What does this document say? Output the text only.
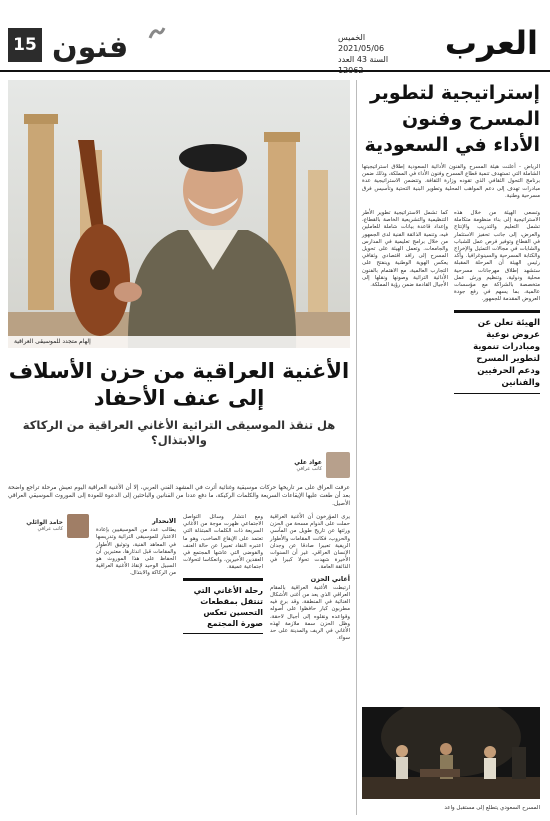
15 فنون	الخميس 2021/05/06
السنة 43 العدد 12062
العرب
إستراتيجية لتطوير المسرح وفنون الأداء في السعودية

الرياض - أعلنت هيئة المسرح والفنون الأدائية السعودية إطلاق استراتيجيتها الشاملة التي تستهدف تنمية قطاع المسرح وفنون الأداء في المملكة، وذلك ضمن برنامج التحول الثقافي الذي تقوده وزارة الثقافة. وتتضمن الاستراتيجية عدة مبادرات تهدف إلى دعم المواهب المحلية وتطوير البنية التحتية وتأسيس فرق مسرحية وطنية.

وتسعى الهيئة من خلال هذه الاستراتيجية إلى بناء منظومة متكاملة تشمل التعليم والتدريب والإنتاج والعرض، إلى جانب تحفيز الاستثمار في القطاع وتوفير فرص عمل للشباب والشابات في مجالات التمثيل والإخراج والكتابة المسرحية والسينوغرافيا. وأكد رئيس الهيئة أن المرحلة المقبلة ستشهد إطلاق مهرجانات مسرحية محلية ودولية، وتنظيم ورش عمل متخصصة بالشراكة مع مؤسسات عالمية، بما يسهم في رفع جودة العروض المقدمة للجمهور.

الهيئة تعلن عن عروض نوعية ومبادرات تنموية لتطوير المسرح ودعم الحرفيين والفنانين

كما تشمل الاستراتيجية تطوير الأطر التنظيمية والتشريعية الخاصة بالقطاع، وإعداد قاعدة بيانات شاملة للعاملين فيه، وتنمية الذائقة الفنية لدى الجمهور من خلال برامج تعليمية في المدارس والجامعات. وتعمل الهيئة على تحويل المسرح إلى رافد اقتصادي وثقافي يعكس الهوية الوطنية وينفتح على التجارب العالمية، مع الاهتمام بالفنون الأدائية التراثية وصونها ونقلها إلى الأجيال القادمة ضمن رؤية المملكة.

المسرح السعودي يتطلع إلى مستقبل واعد
إلهام متجدد للموسيقى العراقية
الأغنية العراقية من حزن الأسلاف إلى عنف الأحفاد
هل تنقذ الموسيقى التراثية الأغاني العراقية من الركاكة والابتذال؟
عواد علي
كاتب عراقي

عرفت العراق على مر تاريخها حركات موسيقية وغنائية أثرت في المشهد الفني العربي، إلا أن الأغنية العراقية اليوم تعيش مرحلة تراجع واضحة بعد أن طغت عليها الإيقاعات السريعة والكلمات الركيكة، ما دفع عددا من الفنانين والباحثين إلى الدعوة للعودة إلى الموروث الموسيقي العراقي الأصيل.

يرى المؤرخون أن الأغنية العراقية حملت على الدوام مسحة من الحزن ورثتها عن تاريخ طويل من المآسي والحروب، فكانت المقامات والأطوار الريفية تعبيرا صادقا عن وجدان الإنسان العراقي. غير أن السنوات الأخيرة شهدت تحولا كبيرا في الذائقة العامة.

أغاني الحزن

ارتبطت الأغنية العراقية بالمقام العراقي الذي يعد من أغنى الأشكال الغنائية في المنطقة، وقد برع فيه مطربون كبار حافظوا على أصوله وقواعده ونقلوه إلى أجيال لاحقة، وظل الحزن سمة ملازمة لهذه الأغاني في الريف والمدينة على حد سواء.

ومع انتشار وسائل التواصل الاجتماعي ظهرت موجة من الأغاني السريعة ذات الكلمات المبتذلة التي تعتمد على الإيقاع الصاخب، وهو ما اعتبره النقاد تعبيرا عن حالة العنف والفوضى التي عاشها المجتمع في العقدين الأخيرين، وانعكاسا لتحولات اجتماعية عميقة.

رحلة الأغاني التي تنتقل بمقطعات التحسين تعكس صورة المجتمع
الانحدار

يطالب عدد من الموسيقيين بإعادة الاعتبار للموسيقى التراثية وتدريسها في المعاهد الفنية، وتوثيق الأطوار والمقامات قبل اندثارها، معتبرين أن الحفاظ على هذا الموروث هو السبيل الوحيد لإنقاذ الأغنية العراقية من الركاكة والابتذال.

حامد الوائلي
كاتب عراقي
